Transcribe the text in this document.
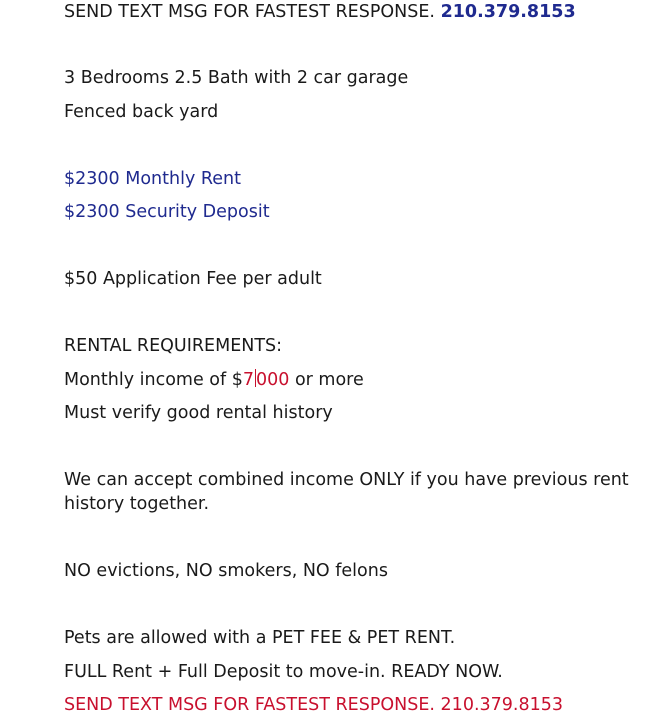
SEND TEXT MSG FOR FASTEST RESPONSE. 210.379.8153
3 Bedrooms 2.5 Bath with 2 car garage
Fenced back yard
$2300 Monthly Rent
$2300 Security Deposit
$50 Application Fee per adult
RENTAL REQUIREMENTS:
Monthly income of $7 000 or more
Must verify good rental history
We can accept combined income ONLY if you have previous rent history together.
NO evictions, NO smokers, NO felons
Pets are allowed with a PET FEE & PET RENT.
FULL Rent + Full Deposit to move-in. READY NOW.
SEND TEXT MSG FOR FASTEST RESPONSE. 210.379.8153
